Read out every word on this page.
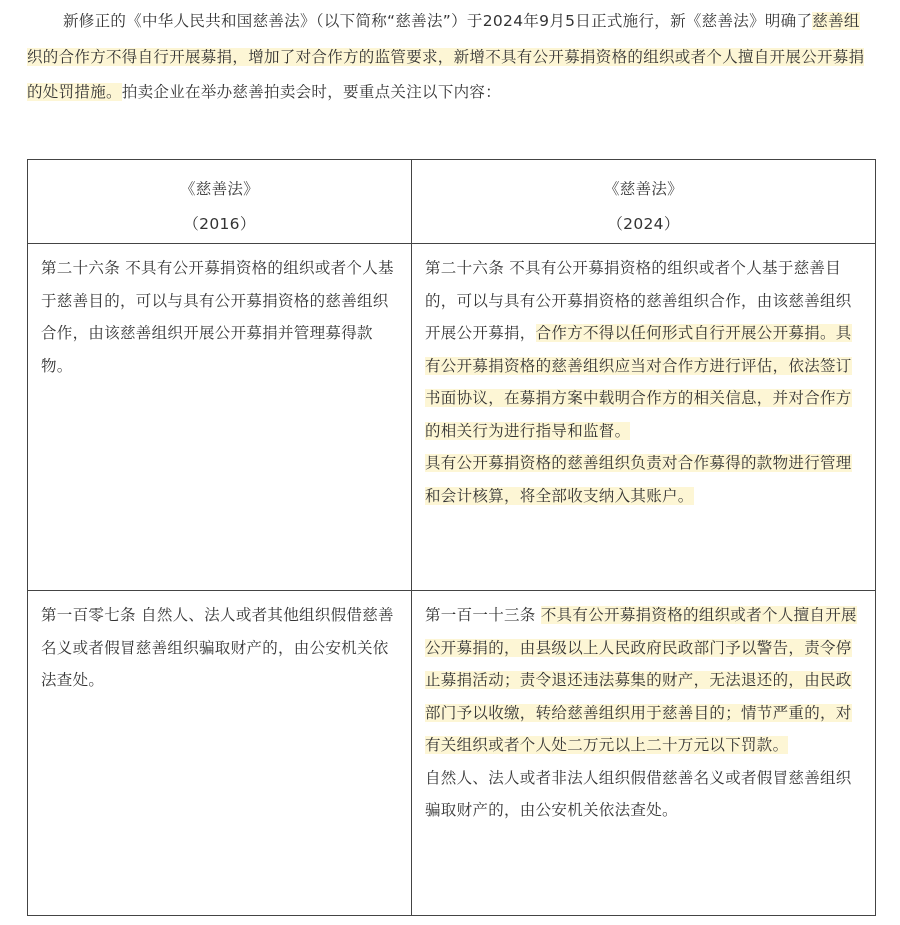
新修正的《中华人民共和国慈善法》（以下简称“慈善法”）于2024年9月5日正式施行，新《慈善法》明确了慈善组织的合作方不得自行开展募捐，增加了对合作方的监管要求，新增不具有公开募捐资格的组织或者个人擅自开展公开募捐的处罚措施。拍卖企业在举办慈善拍卖会时，要重点关注以下内容：
《慈善法》
（2016）	《慈善法》
（2024）

第二十六条 不具有公开募捐资格的组织或者个人基于慈善目的，可以与具有公开募捐资格的慈善组织合作，由该慈善组织开展公开募捐并管理募得款物。	第二十六条 不具有公开募捐资格的组织或者个人基于慈善目的，可以与具有公开募捐资格的慈善组织合作，由该慈善组织开展公开募捐，合作方不得以任何形式自行开展公开募捐。具有公开募捐资格的慈善组织应当对合作方进行评估，依法签订书面协议，在募捐方案中载明合作方的相关信息，并对合作方的相关行为进行指导和监督。
具有公开募捐资格的慈善组织负责对合作募得的款物进行管理和会计核算，将全部收支纳入其账户。

第一百零七条 自然人、法人或者其他组织假借慈善名义或者假冒慈善组织骗取财产的，由公安机关依法查处。	第一百一十三条 不具有公开募捐资格的组织或者个人擅自开展公开募捐的，由县级以上人民政府民政部门予以警告，责令停止募捐活动；责令退还违法募集的财产，无法退还的，由民政部门予以收缴，转给慈善组织用于慈善目的；情节严重的，对有关组织或者个人处二万元以上二十万元以下罚款。
自然人、法人或者非法人组织假借慈善名义或者假冒慈善组织骗取财产的，由公安机关依法查处。
